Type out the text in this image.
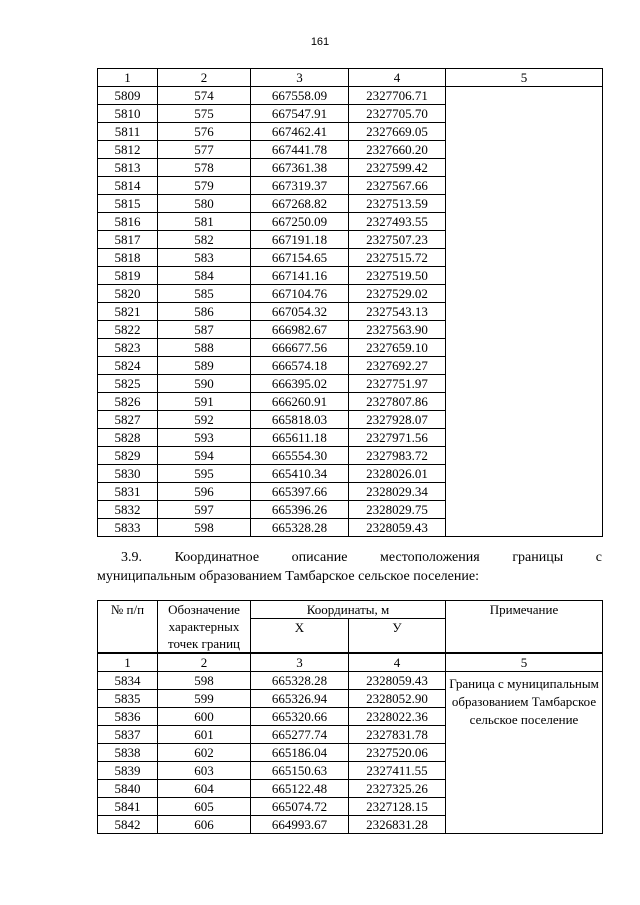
161
1	2	3	4	5
5809	574	667558.09	2327706.71	
5810	575	667547.91	2327705.70	
5811	576	667462.41	2327669.05	
5812	577	667441.78	2327660.20	
5813	578	667361.38	2327599.42	
5814	579	667319.37	2327567.66	
5815	580	667268.82	2327513.59	
5816	581	667250.09	2327493.55	
5817	582	667191.18	2327507.23	
5818	583	667154.65	2327515.72	
5819	584	667141.16	2327519.50	
5820	585	667104.76	2327529.02	
5821	586	667054.32	2327543.13	
5822	587	666982.67	2327563.90	
5823	588	666677.56	2327659.10	
5824	589	666574.18	2327692.27	
5825	590	666395.02	2327751.97	
5826	591	666260.91	2327807.86	
5827	592	665818.03	2327928.07	
5828	593	665611.18	2327971.56	
5829	594	665554.30	2327983.72	
5830	595	665410.34	2328026.01	
5831	596	665397.66	2328029.34	
5832	597	665396.26	2328029.75	
5833	598	665328.28	2328059.43	
3.9. Координатное описание местоположения границы с
муниципальным образованием Тамбарское сельское поселение:
№ п/п	Обозначение характерных точек границ	Координаты, м		Примечание
		X	У	
1	2	3	4	5
5834	598	665328.28	2328059.43	Граница с муниципальным образованием Тамбарское сельское поселение
5835	599	665326.94	2328052.90	
5836	600	665320.66	2328022.36	
5837	601	665277.74	2327831.78	
5838	602	665186.04	2327520.06	
5839	603	665150.63	2327411.55	
5840	604	665122.48	2327325.26	
5841	605	665074.72	2327128.15	
5842	606	664993.67	2326831.28	
